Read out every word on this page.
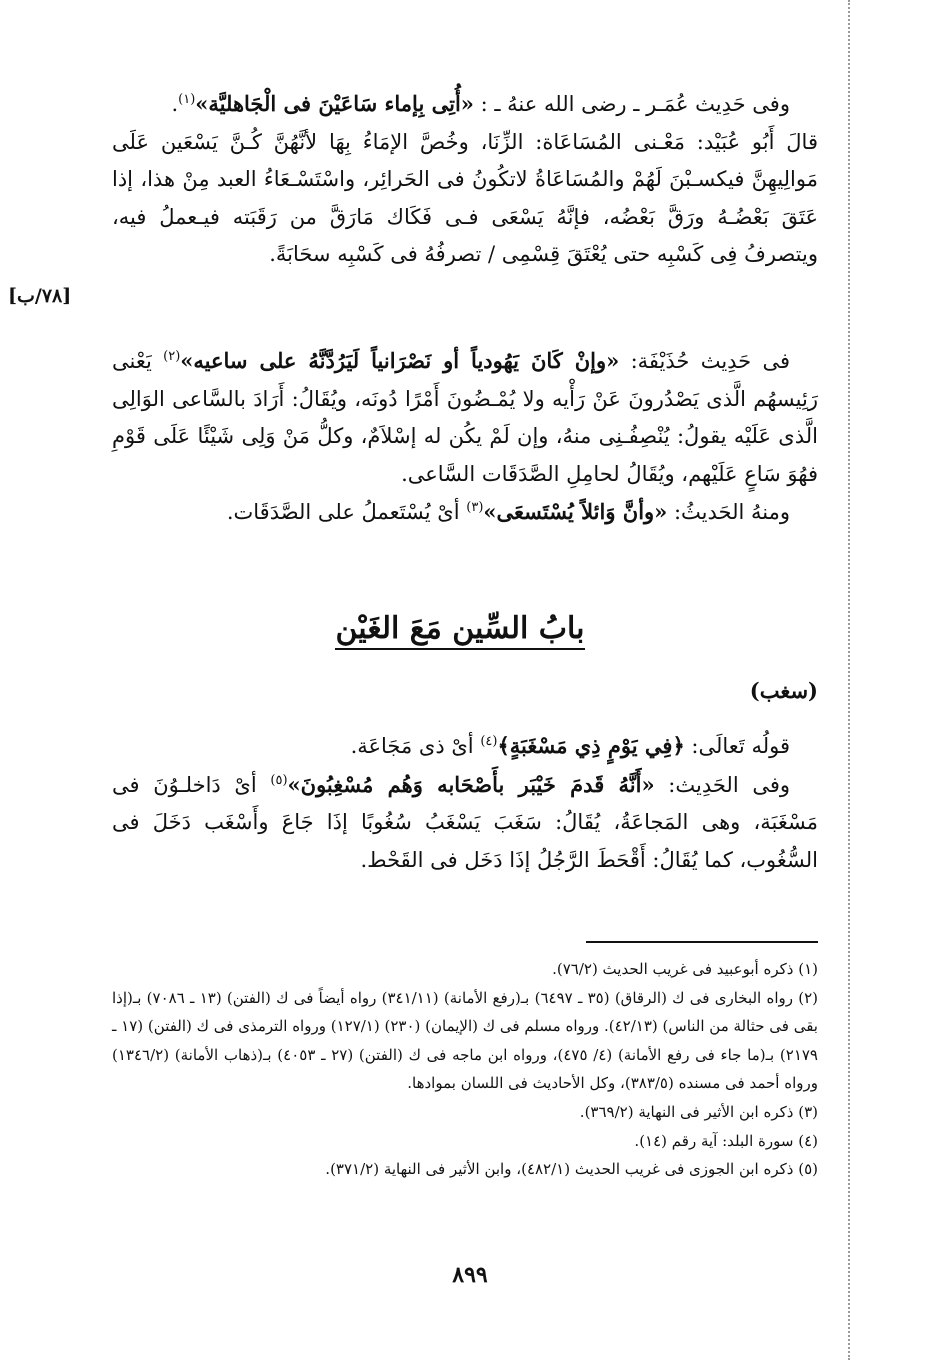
[٧٨/ب]

وفى حَدِيث عُمَـر ـ رضى الله عنهُ ـ : «أُتِى بِإماء سَاعَيْنَ فى الْجَاهليَّة»$^{(١)}$.

قالَ أَبُو عُبَيْد: مَعْـنى المُسَاعَاة: الزِّنَا، وخُصَّ الإمَاءُ بِهَا لأنَّهُنَّ كُـنَّ يَسْعَين عَلَى مَوالِيهِنَّ فيكسـبْنَ لَهُمْ والمُسَاعَاةُ لاتكُونُ فى الحَرائِر، واسْتَسْـعَاءُ العبد مِنْ هذا، إذا عَتَقَ بَعْضُـهُ ورَقَّ بَعْضُه، فإنَّهُ يَسْعَى فـى فَكَاك مَارَقَّ من رَقَبَته فيـعملُ فيه، ويتصرفُ فِى كَسْبِه حتى يُعْتَقَ قِسْمِى / تصرفُهُ فى كَسْبِه سحَابَةً.

فى حَدِيث حُذَيْفَة: «وإنْ كَانَ يَهُودياً أو نَصْرَانياً لَيَرُدَّنَّهُ على ساعيه»$^{(٢)}$ يَعْنى رَئِيسهُم الَّذى يَصْدُرونَ عَنْ رَأْيه ولا يُمْـضُونَ أَمْرًا دُونَه، ويُقَالُ: أَرَادَ بالسَّاعى الوَالِى الَّذى عَلَيْه يقولُ: يُنْصِفُـنِى منهُ، وإن لَمْ يكُن له إسْلاَمٌ، وكلُّ مَنْ وَلِى شَيْئًا عَلَى قَوْمِ فهُوَ سَاعٍ عَلَيْهم، ويُقَالُ لحامِلِ الصَّدَقَات السَّاعى.

ومنهُ الحَديثُ: «وأنَّ وَائلاً يُسْتَسعَى»$^{(٣)}$ أىْ يُسْتَعملُ على الصَّدَقَات.

بابُ السِّين مَعَ الغَيْن
(سغب)

قولُه تَعالَى: ﴿فِي يَوْمٍ ذِي مَسْغَبَةٍ﴾$^{(٤)}$ أىْ ذى مَجَاعَة.

وفى الحَدِيث: «أَنَّهُ قَدمَ خَيْبَر بأَصْحَابه وَهُم مُسْغِبُونَ»$^{(٥)}$ أىْ دَاخلـوُنَ فى مَسْغَبَة، وهى المَجاعَةُ، يُقَالُ: سَغَبَ يَسْغَبُ سُغُوبًا إذَا جَاعَ وأَسْغَب دَخَلَ فى السُّغُوب، كما يُقَالُ: أَقْحَطَ الرَّجُلُ إذَا دَخَل فى القَحْط.

(١) ذكره أبوعبيد فى غريب الحديث (٧٦/٢).

(٢) رواه البخارى فى ك (الرقاق) (٣٥ ـ ٦٤٩٧) بـ(رفع الأمانة) (٣٤١/١١) رواه أيضاً فى ك (الفتن) (١٣ ـ ٧٠٨٦) بـ(إذا بقى فى حثالة من الناس) (٤٢/١٣). ورواه مسلم فى ك (الإيمان) (٢٣٠) (١٢٧/١) ورواه الترمذى فى ك (الفتن) (١٧ ـ ٢١٧٩) بـ(ما جاء فى رفع الأمانة) (٤/ ٤٧٥)، ورواه ابن ماجه فى ك (الفتن) (٢٧ ـ ٤٠٥٣) بـ(ذهاب الأمانة) (١٣٤٦/٢) ورواه أحمد فى مسنده (٣٨٣/٥)، وكل الأحاديث فى اللسان بموادها.

(٣) ذكره ابن الأثير فى النهاية (٣٦٩/٢).

(٤) سورة البلد: آية رقم (١٤).

(٥) ذكره ابن الجوزى فى غريب الحديث (٤٨٢/١)، وابن الأثير فى النهاية (٣٧١/٢).

٨٩٩
